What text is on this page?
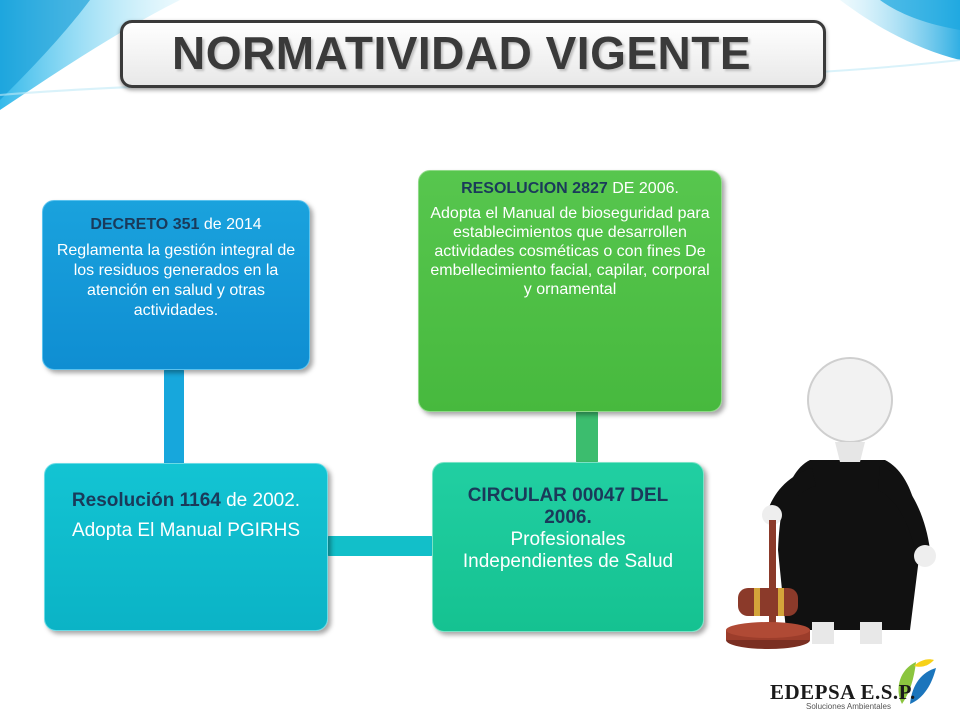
NORMATIVIDAD VIGENTE
DECRETO 351 de 2014
Reglamenta la gestión integral de los residuos generados en la atención en salud y otras actividades.
RESOLUCION 2827 DE 2006.
Adopta el Manual de bioseguridad para establecimientos que desarrollen actividades cosméticas o con fines De embellecimiento facial, capilar, corporal y ornamental
Resolución 1164 de 2002.
Adopta El Manual PGIRHS
CIRCULAR 00047 DEL 2006.
Profesionales Independientes de Salud
EDEPSA E.S.P.
Soluciones Ambientales
